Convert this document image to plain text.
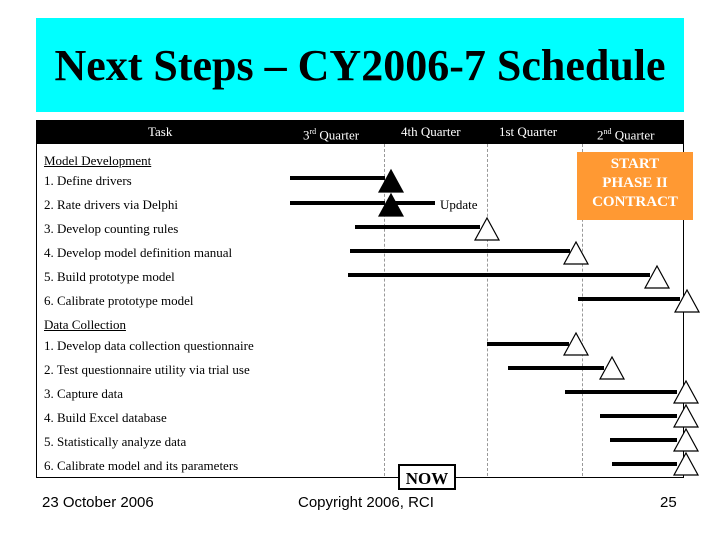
Next Steps – CY2006-7 Schedule
Task	3rd Quarter	4th Quarter	1st Quarter	2nd Quarter
Model Development
1. Define drivers
2. Rate drivers via Delphi
3. Develop counting rules
4. Develop model definition manual
5. Build prototype model
6. Calibrate prototype model
Data Collection
1. Develop data collection questionnaire
2. Test questionnaire utility via trial use
3. Capture data
4. Build Excel database
5. Statistically analyze data
6. Calibrate model and its parameters
Update
START
PHASE II
CONTRACT
NOW
23 October 2006	Copyright 2006, RCI	25
